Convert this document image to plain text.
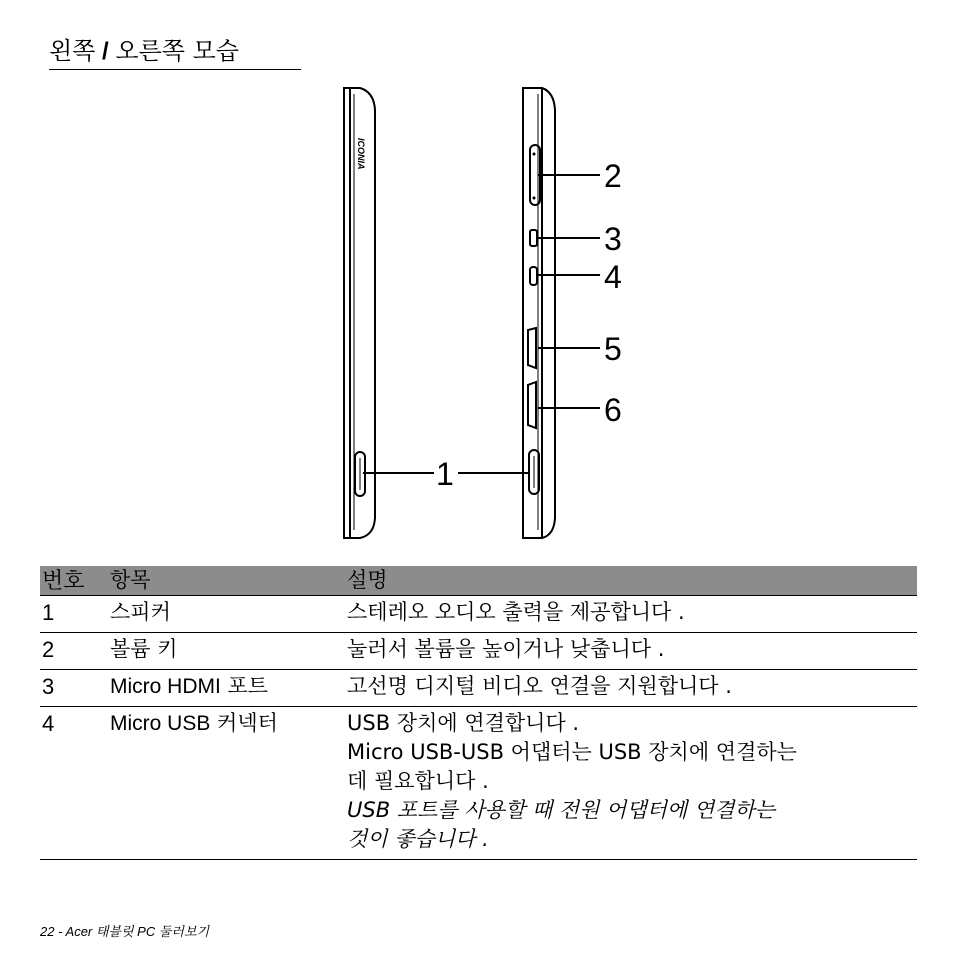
왼쪽 / 오른쪽 모습
ICONIA
1
2
3
4
5
6
번호	항목	설명
1	스피커	스테레오 오디오 출력을 제공합니다 .
2	볼륨 키	눌러서 볼륨을 높이거나 낮춥니다 .
3	Micro HDMI 포트	고선명 디지털 비디오 연결을 지원합니다 .
4	Micro USB 커넥터	USB 장치에 연결합니다 .
Micro USB-USB 어댑터는 USB 장치에 연결하는
데 필요합니다 .
USB 포트를 사용할 때 전원 어댑터에 연결하는
것이 좋습니다 .
22 - Acer 태블릿 PC 둘러보기
